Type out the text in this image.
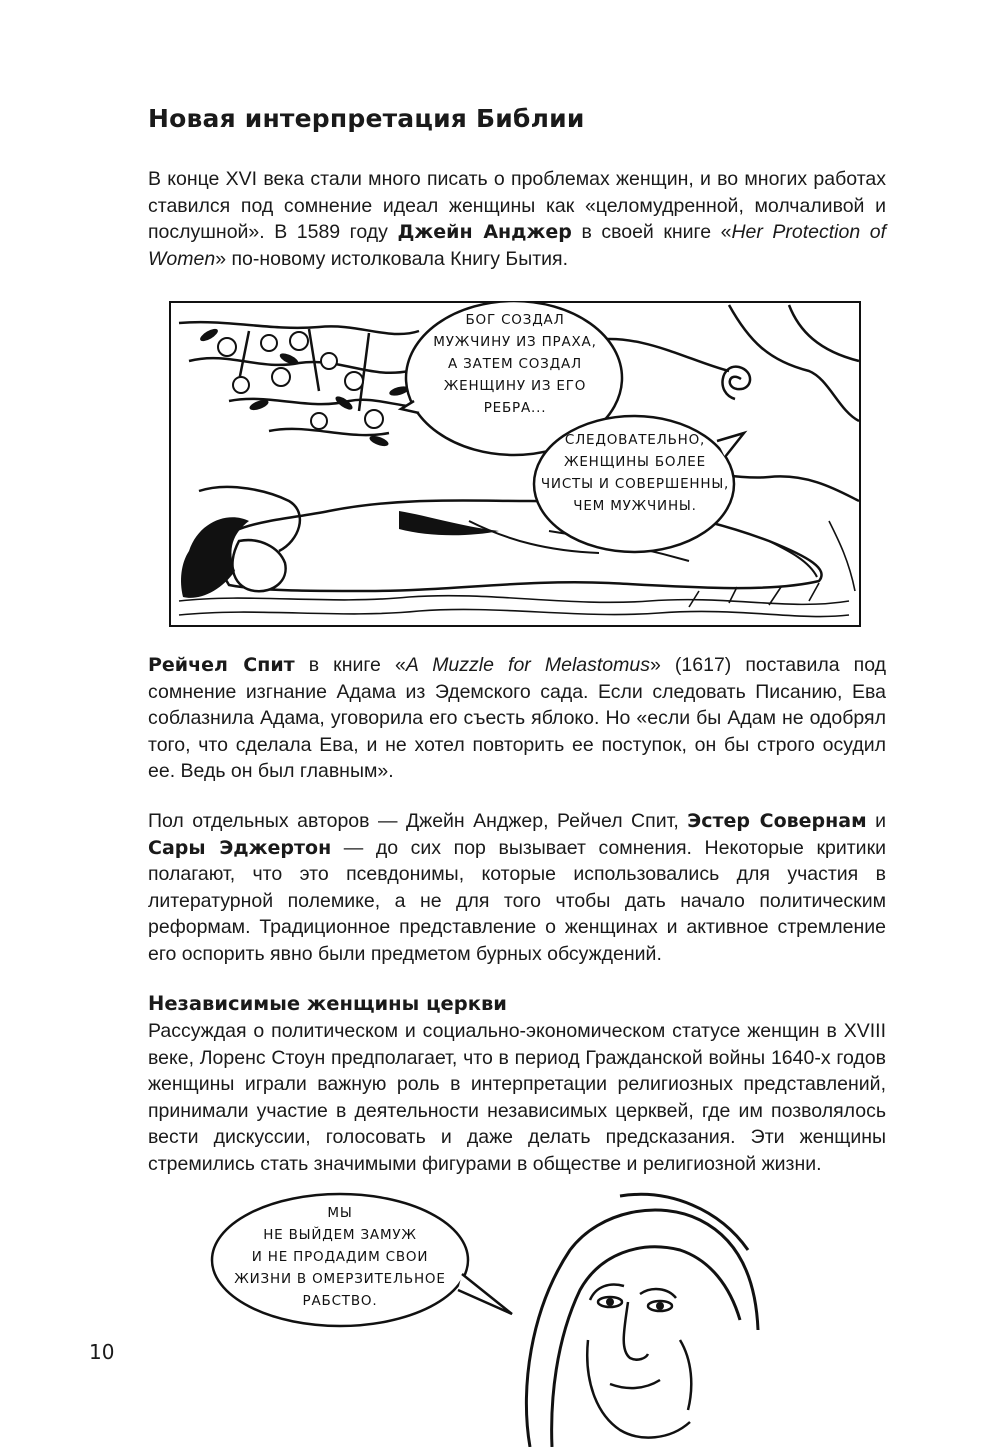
Новая интерпретация Библии

В конце XVI века стали много писать о проблемах женщин, и во многих работах ставился под сомнение идеал женщины как «целомудренной, молчаливой и послушной». В 1589 году Джейн Анджер в своей книге «Her Protection of Women» по-новому истолковала Книгу Бытия.

БОГ СОЗДАЛ
МУЖЧИНУ ИЗ ПРАХА,
А ЗАТЕМ СОЗДАЛ
ЖЕНЩИНУ ИЗ ЕГО
РЕБРА...
СЛЕДОВАТЕЛЬНО,
ЖЕНЩИНЫ БОЛЕЕ
ЧИСТЫ И СОВЕРШЕННЫ,
ЧЕМ МУЖЧИНЫ.

Рейчел Спит в книге «A Muzzle for Melastomus» (1617) поставила под сомнение изгнание Адама из Эдемского сада. Если следовать Писанию, Ева соблазнила Адама, уговорила его съесть яблоко. Но «если бы Адам не одобрял того, что сделала Ева, и не хотел повторить ее поступок, он бы строго осудил ее. Ведь он был главным».

Пол отдельных авторов — Джейн Анджер, Рейчел Спит, Эстер Совернам и Сары Эджертон — до сих пор вызывает сомнения. Некоторые критики полагают, что это псевдонимы, которые использовались для участия в литературной полемике, а не для того чтобы дать начало политическим реформам. Традиционное представление о женщинах и активное стремление его оспорить явно были предметом бурных обсуждений.

Независимые женщины церкви

Рассуждая о политическом и социально-экономическом статусе женщин в XVIII веке, Лоренс Стоун предполагает, что в период Гражданской войны 1640-х годов женщины играли важную роль в интерпретации религиозных представлений, принимали участие в деятельности независимых церквей, где им позволялось вести дискуссии, голосовать и даже делать предсказания. Эти женщины стремились стать значимыми фигурами в обществе и религиозной жизни.

МЫ
НЕ ВЫЙДЕМ ЗАМУЖ
И НЕ ПРОДАДИМ СВОИ
ЖИЗНИ В ОМЕРЗИТЕЛЬНОЕ
РАБСТВО.
10
